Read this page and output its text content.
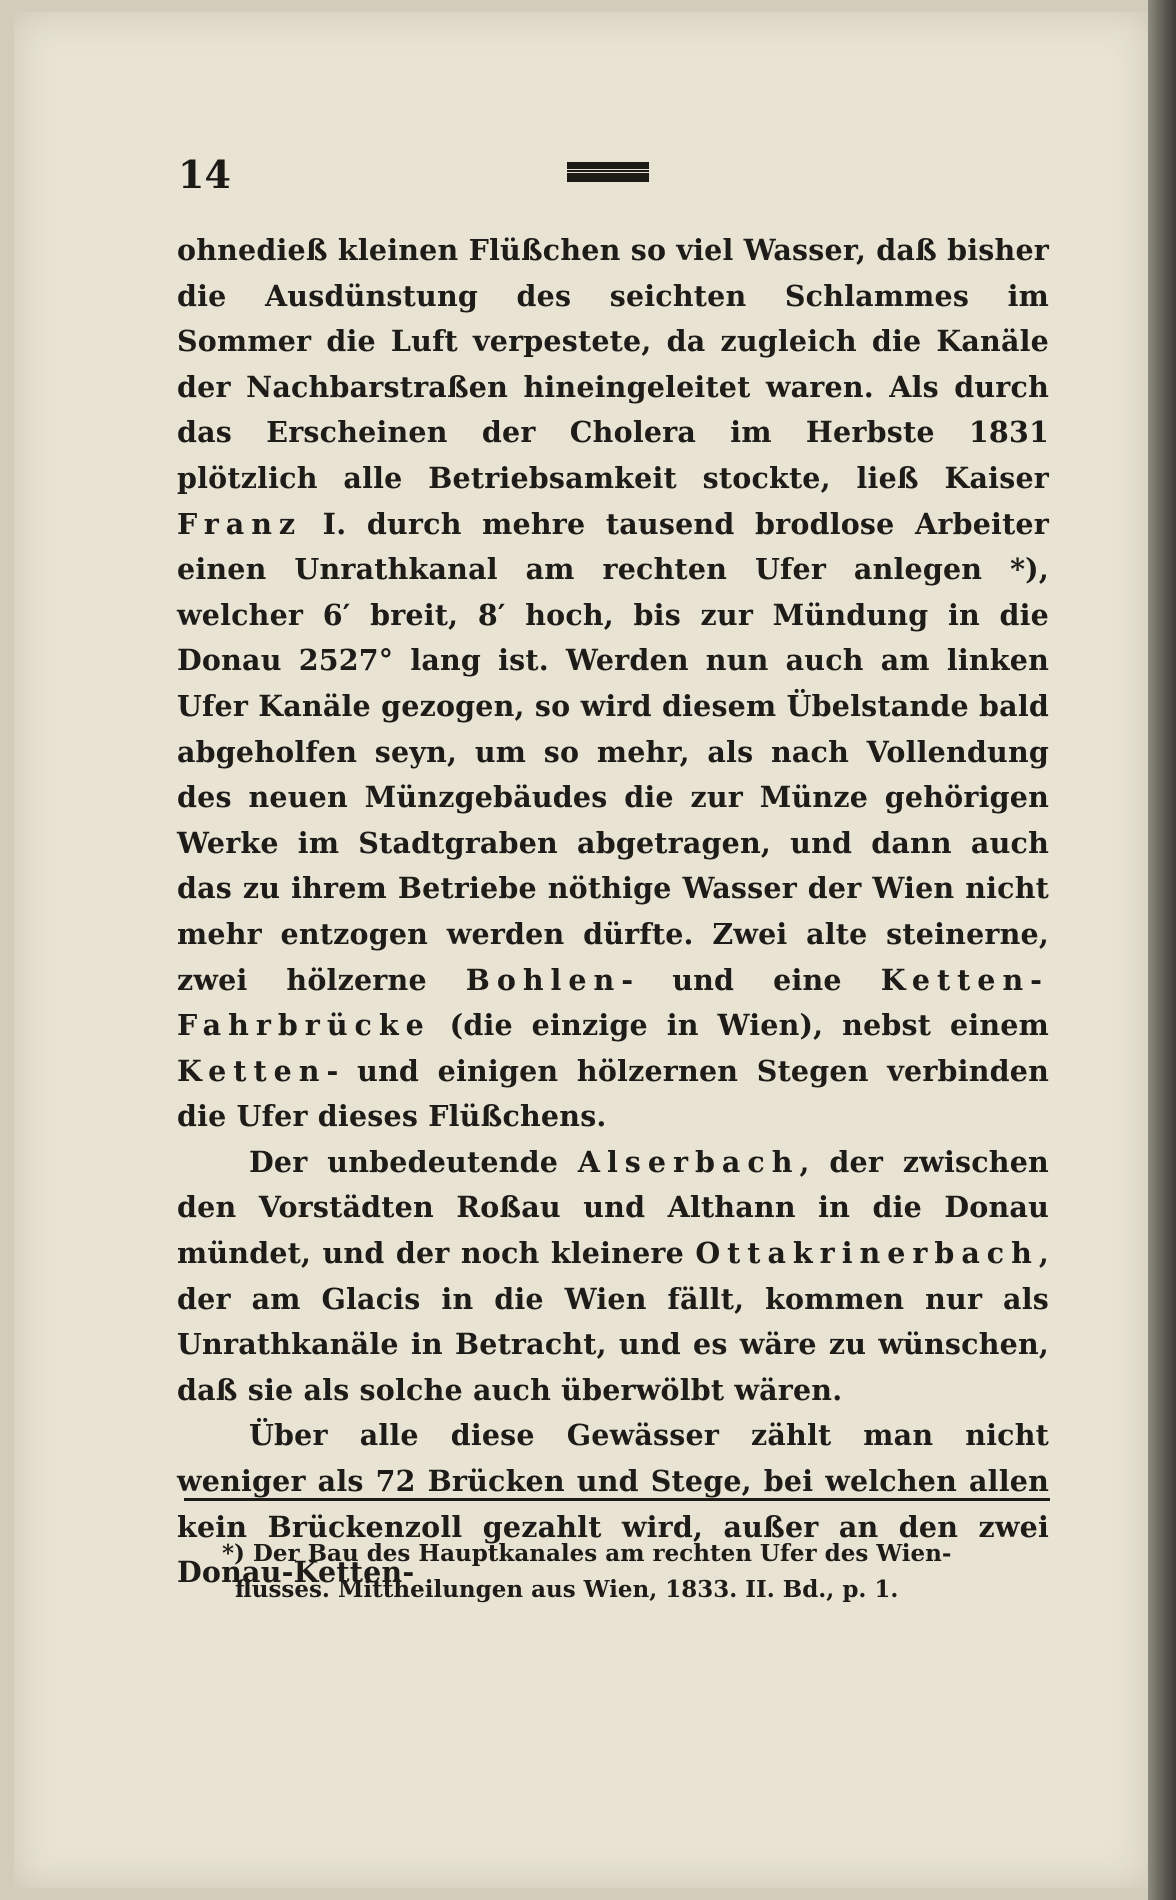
14

ohnedieß kleinen Flüßchen so viel Wasser, daß bisher die Ausdünstung des seichten Schlammes im Sommer die Luft verpestete, da zugleich die Kanäle der Nachbarstraßen hineingeleitet waren. Als durch das Erscheinen der Cholera im Herbste 1831 plötzlich alle Betriebsamkeit stockte, ließ Kaiser Franz I. durch mehre tausend brodlose Arbeiter einen Unrathkanal am rechten Ufer anlegen *), welcher 6′ breit, 8′ hoch, bis zur Mündung in die Donau 2527° lang ist. Werden nun auch am linken Ufer Kanäle gezogen, so wird diesem Übelstande bald abgeholfen seyn, um so mehr, als nach Vollendung des neuen Münzgebäudes die zur Münze gehörigen Werke im Stadtgraben abgetragen, und dann auch das zu ihrem Betriebe nöthige Wasser der Wien nicht mehr entzogen werden dürfte. Zwei alte steinerne, zwei hölzerne Bohlen- und eine Ketten-Fahrbrücke (die einzige in Wien), nebst einem Ketten- und einigen hölzernen Stegen verbinden die Ufer dieses Flüßchens.

Der unbedeutende Alserbach, der zwischen den Vorstädten Roßau und Althann in die Donau mündet, und der noch kleinere Ottakrinerbach, der am Glacis in die Wien fällt, kommen nur als Unrathkanäle in Betracht, und es wäre zu wünschen, daß sie als solche auch überwölbt wären.

Über alle diese Gewässer zählt man nicht weniger als 72 Brücken und Stege, bei welchen allen kein Brückenzoll gezahlt wird, außer an den zwei Donau-Ketten-

*) Der Bau des Hauptkanales am rechten Ufer des Wien-
flusses. Mittheilungen aus Wien, 1833. II. Bd., p. 1.
